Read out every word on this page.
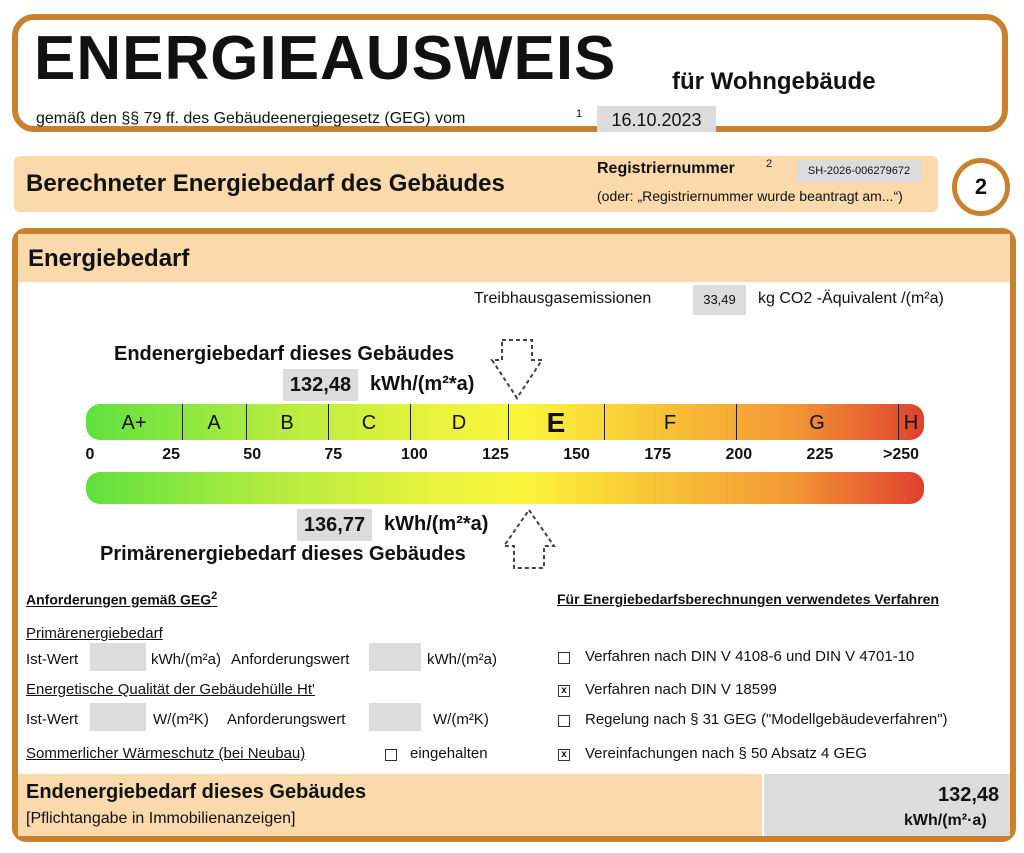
ENERGIEAUSWEIS für Wohngebäude
gemäß den §§ 79 ff. des Gebäudeenergiegesetz (GEG) vom	1	16.10.2023
Berechneter Energiebedarf des Gebäudes
Registriernummer	2
SH-2026-006279672
(oder: „Registriernummer wurde beantragt am...“)	2
Energiebedarf
Treibhausgasemissionen	33,49	kg CO2 -Äquivalent /(m²a)
Endenergiebedarf dieses Gebäudes
132,48 kWh/(m²*a)
A+	A	B	C	D	E	F	G	H
0	25	50	75	100	125	150	175	200	225	>250
136,77 kWh/(m²*a)
Primärenergiebedarf dieses Gebäudes
Anforderungen gemäß GEG$^2$
Primärenergiebedarf
Ist-Wert	kWh/(m²a) Anforderungswert	kWh/(m²a)
Energetische Qualität der Gebäudehülle Ht'
Ist-Wert	W/(m²K) Anforderungswert	W/(m²K)
Sommerlicher Wärmeschutz (bei Neubau)	eingehalten
Für Energiebedarfsberechnungen verwendetes Verfahren
Verfahren nach DIN V 4108-6 und DIN V 4701-10
x Verfahren nach DIN V 18599
Regelung nach § 31 GEG ("Modellgebäudeverfahren")
x Vereinfachungen nach § 50 Absatz 4 GEG
Endenergiebedarf dieses Gebäudes
[Pflichtangabe in Immobilienanzeigen]
132,48
kWh/(m²·a)
